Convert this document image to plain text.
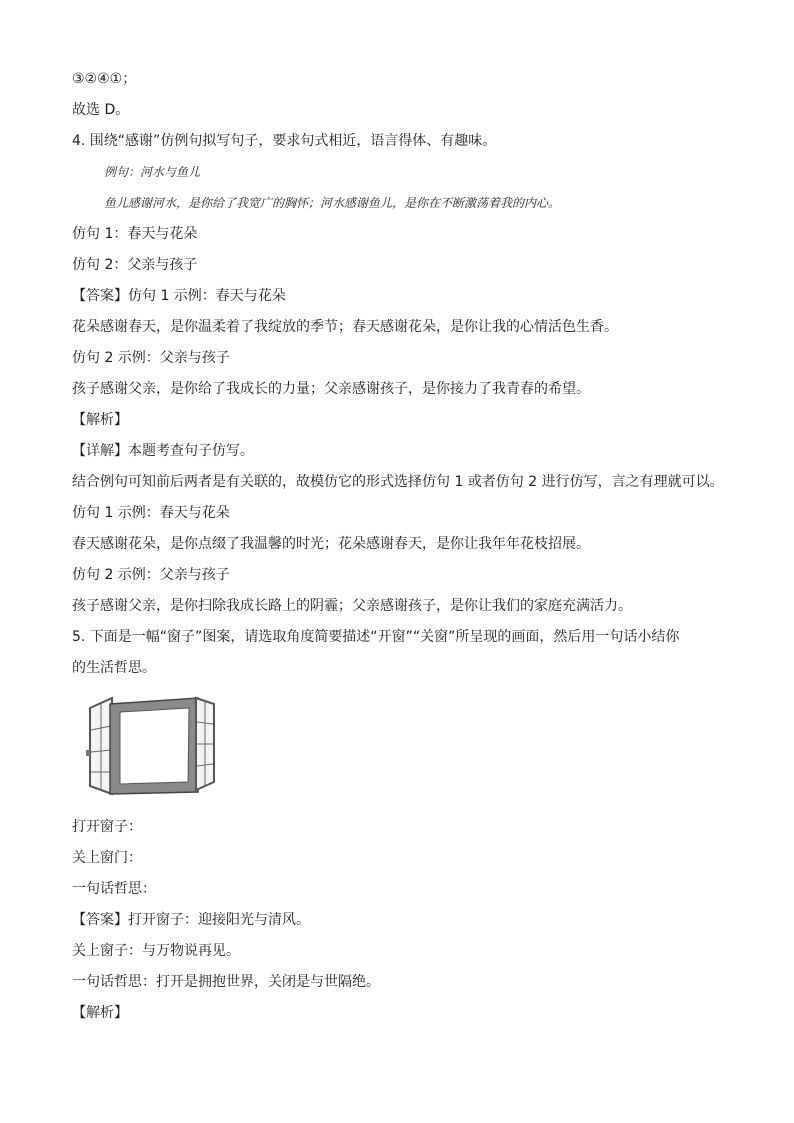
③②④①；
故选 D。
4. 围绕“感谢”仿例句拟写句子，要求句式相近，语言得体、有趣味。
例句：河水与鱼儿
鱼儿感谢河水，是你给了我宽广的胸怀；河水感谢鱼儿，是你在不断激荡着我的内心。
仿句 1：春天与花朵
仿句 2：父亲与孩子
【答案】仿句 1 示例：春天与花朵
花朵感谢春天，是你温柔着了我绽放的季节；春天感谢花朵，是你让我的心情活色生香。
仿句 2 示例：父亲与孩子
孩子感谢父亲，是你给了我成长的力量；父亲感谢孩子，是你接力了我青春的希望。
【解析】
【详解】本题考查句子仿写。
结合例句可知前后两者是有关联的，故模仿它的形式选择仿句 1 或者仿句 2 进行仿写，言之有理就可以。
仿句 1 示例：春天与花朵
春天感谢花朵，是你点缀了我温馨的时光；花朵感谢春天，是你让我年年花枝招展。
仿句 2 示例：父亲与孩子
孩子感谢父亲，是你扫除我成长路上的阴霾；父亲感谢孩子，是你让我们的家庭充满活力。
5. 下面是一幅“窗子”图案，请选取角度简要描述“开窗”“关窗”所呈现的画面，然后用一句话小结你
的生活哲思。
打开窗子：
关上窗门：
一句话哲思：
【答案】打开窗子：迎接阳光与清风。
关上窗子：与万物说再见。
一句话哲思：打开是拥抱世界，关闭是与世隔绝。
【解析】
